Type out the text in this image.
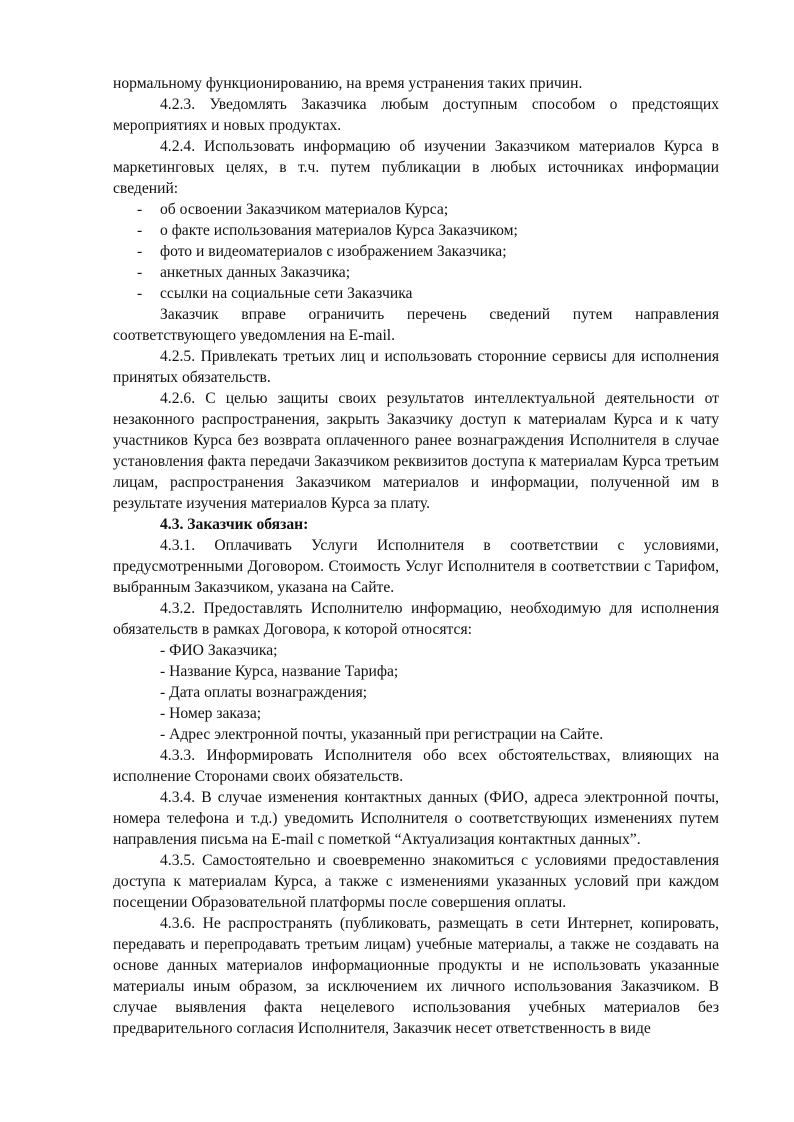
нормальному функционированию, на время устранения таких причин.

4.2.3. Уведомлять Заказчика любым доступным способом о предстоящих мероприятиях и новых продуктах.

4.2.4. Использовать информацию об изучении Заказчиком материалов Курса в маркетинговых целях, в т.ч. путем публикации в любых источниках информации сведений:

- об освоении Заказчиком материалов Курса;

- о факте использования материалов Курса Заказчиком;

- фото и видеоматериалов с изображением Заказчика;

- анкетных данных Заказчика;

- ссылки на социальные сети Заказчика

Заказчик вправе ограничить перечень сведений путем направления соответствующего уведомления на E-mail.

4.2.5. Привлекать третьих лиц и использовать сторонние сервисы для исполнения принятых обязательств.

4.2.6. С целью защиты своих результатов интеллектуальной деятельности от незаконного распространения, закрыть Заказчику доступ к материалам Курса и к чату участников Курса без возврата оплаченного ранее вознаграждения Исполнителя в случае установления факта передачи Заказчиком реквизитов доступа к материалам Курса третьим лицам, распространения Заказчиком материалов и информации, полученной им в результате изучения материалов Курса за плату.

4.3. Заказчик обязан:

4.3.1. Оплачивать Услуги Исполнителя в соответствии с условиями, предусмотренными Договором. Стоимость Услуг Исполнителя в соответствии с Тарифом, выбранным Заказчиком, указана на Сайте.

4.3.2. Предоставлять Исполнителю информацию, необходимую для исполнения обязательств в рамках Договора, к которой относятся:

- ФИО Заказчика;

- Название Курса, название Тарифа;

- Дата оплаты вознаграждения;

- Номер заказа;

- Адрес электронной почты, указанный при регистрации на Сайте.

4.3.3. Информировать Исполнителя обо всех обстоятельствах, влияющих на исполнение Сторонами своих обязательств.

4.3.4. В случае изменения контактных данных (ФИО, адреса электронной почты, номера телефона и т.д.) уведомить Исполнителя о соответствующих изменениях путем направления письма на E-mail с пометкой “Актуализация контактных данных”.

4.3.5. Самостоятельно и своевременно знакомиться с условиями предоставления доступа к материалам Курса, а также с изменениями указанных условий при каждом посещении Образовательной платформы после совершения оплаты.

4.3.6. Не распространять (публиковать, размещать в сети Интернет, копировать, передавать и перепродавать третьим лицам) учебные материалы, а также не создавать на основе данных материалов информационные продукты и не использовать указанные материалы иным образом, за исключением их личного использования Заказчиком. В случае выявления факта нецелевого использования учебных материалов без предварительного согласия Исполнителя, Заказчик несет ответственность в виде
